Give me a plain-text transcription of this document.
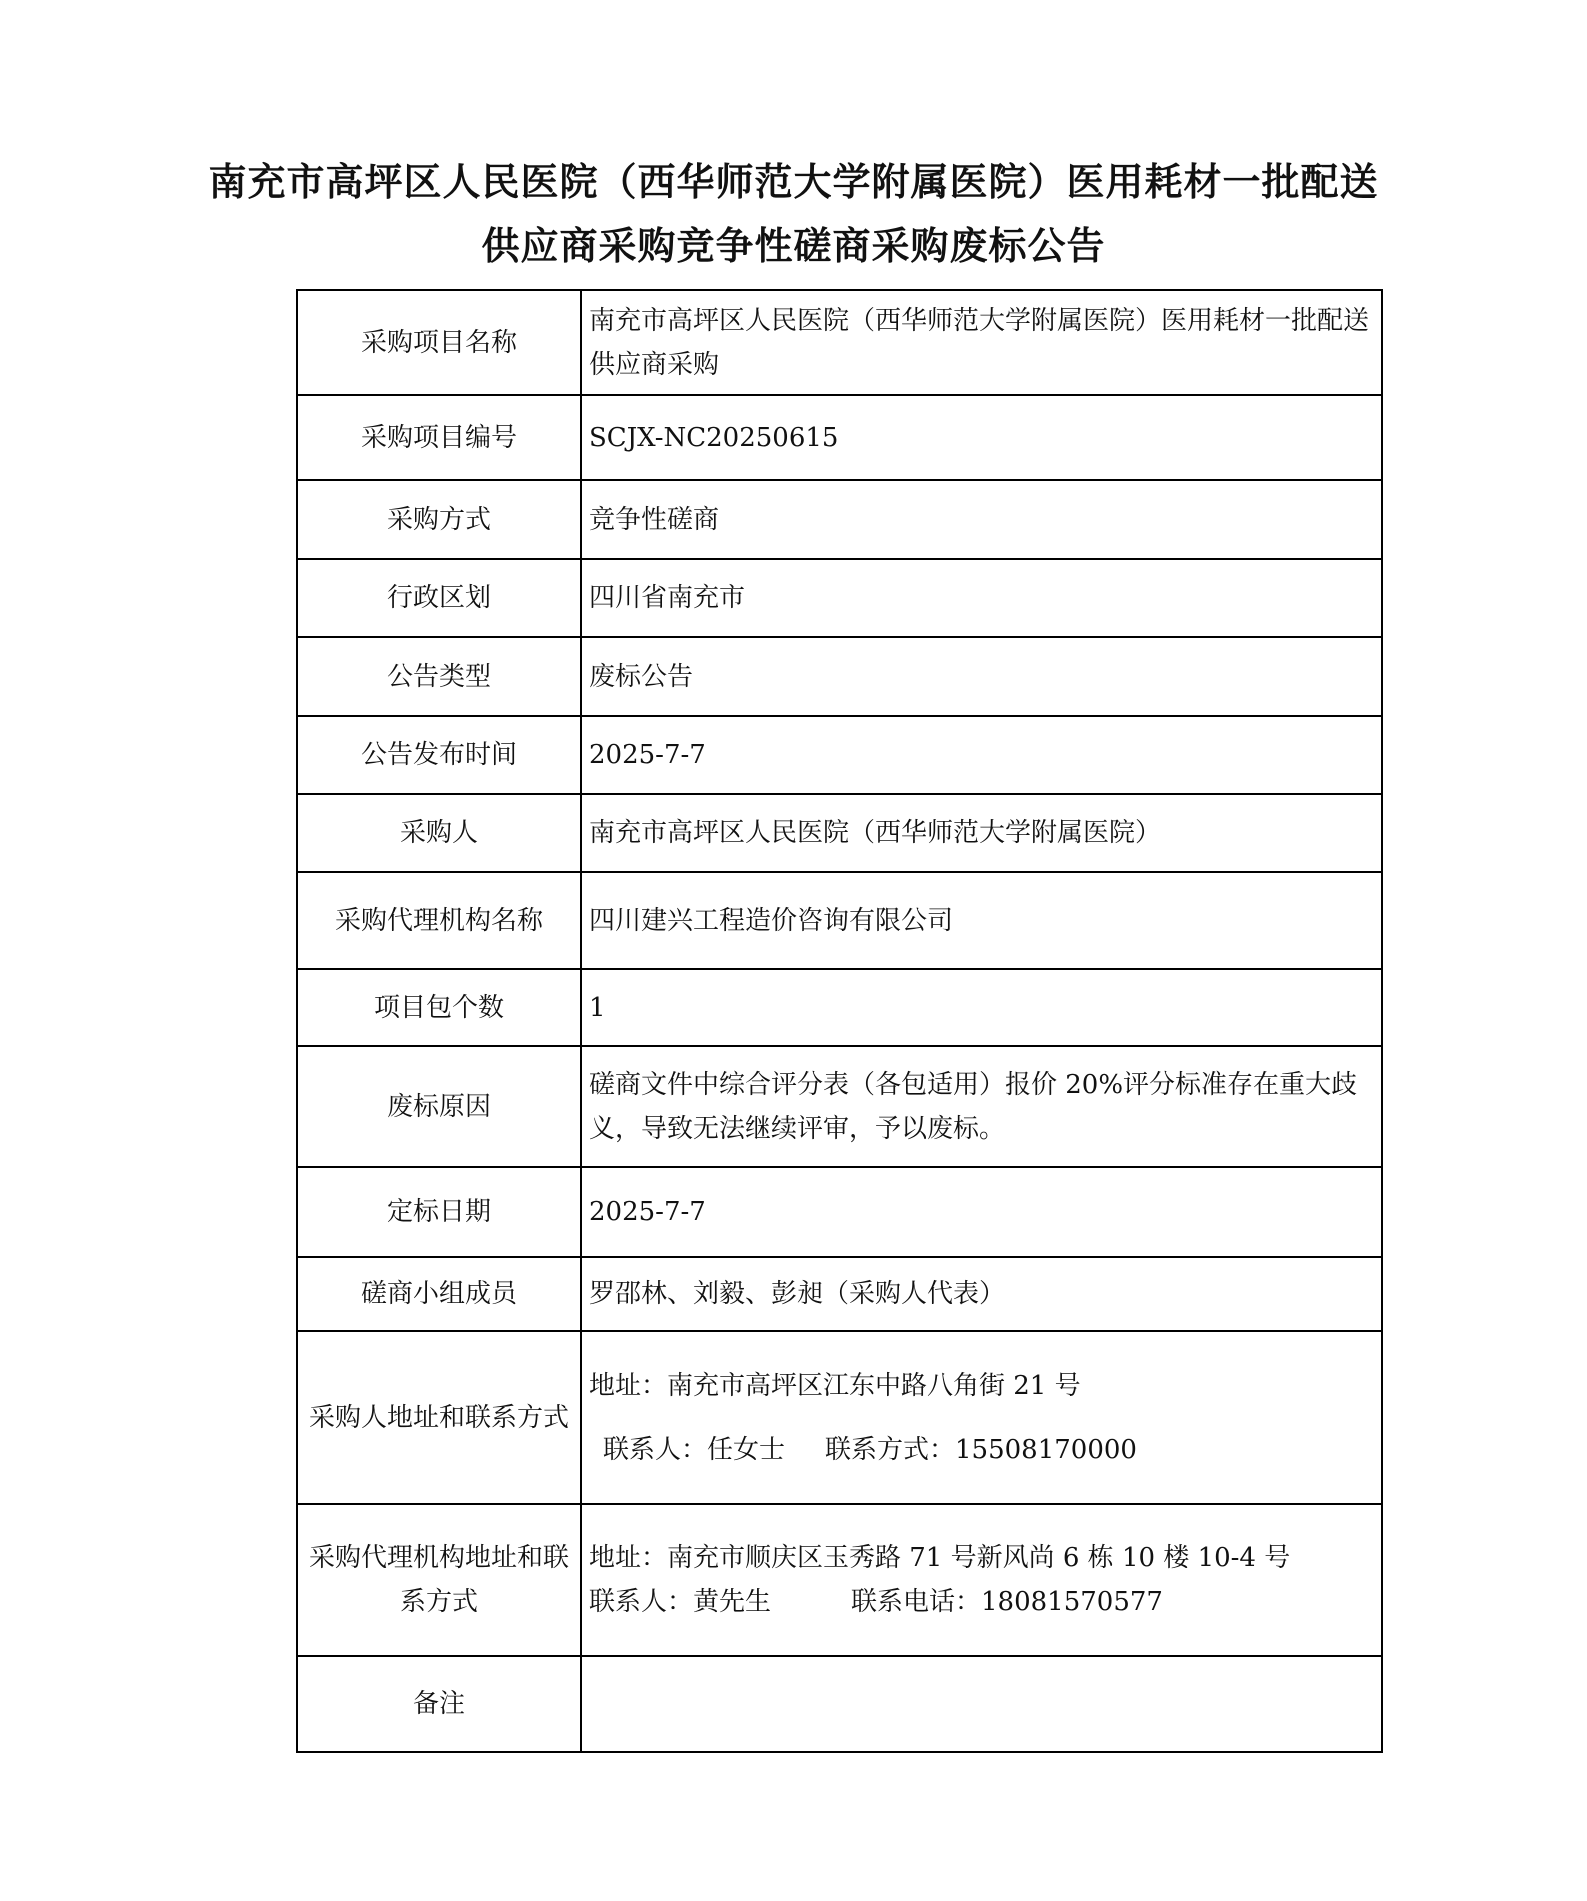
南充市高坪区人民医院（西华师范大学附属医院）医用耗材一批配送
供应商采购竞争性磋商采购废标公告
采购项目名称	南充市高坪区人民医院（西华师范大学附属医院）医用耗材一批配送供应商采购
采购项目编号	SCJX-NC20250615
采购方式	竞争性磋商
行政区划	四川省南充市
公告类型	废标公告
公告发布时间	2025-7-7
采购人	南充市高坪区人民医院（西华师范大学附属医院）
采购代理机构名称	四川建兴工程造价咨询有限公司
项目包个数	1
废标原因	磋商文件中综合评分表（各包适用）报价 20%评分标准存在重大歧义，导致无法继续评审，予以废标。
定标日期	2025-7-7
磋商小组成员	罗邵林、刘毅、彭昶（采购人代表）
采购人地址和联系方式	地址：南充市高坪区江东中路八角街 21 号
联系人：任女士 联系方式：15508170000

采购代理机构地址和联系方式	地址：南充市顺庆区玉秀路 71 号新风尚 6 栋 10 楼 10-4 号
联系人：黄先生 联系电话：18081570577

备注	
